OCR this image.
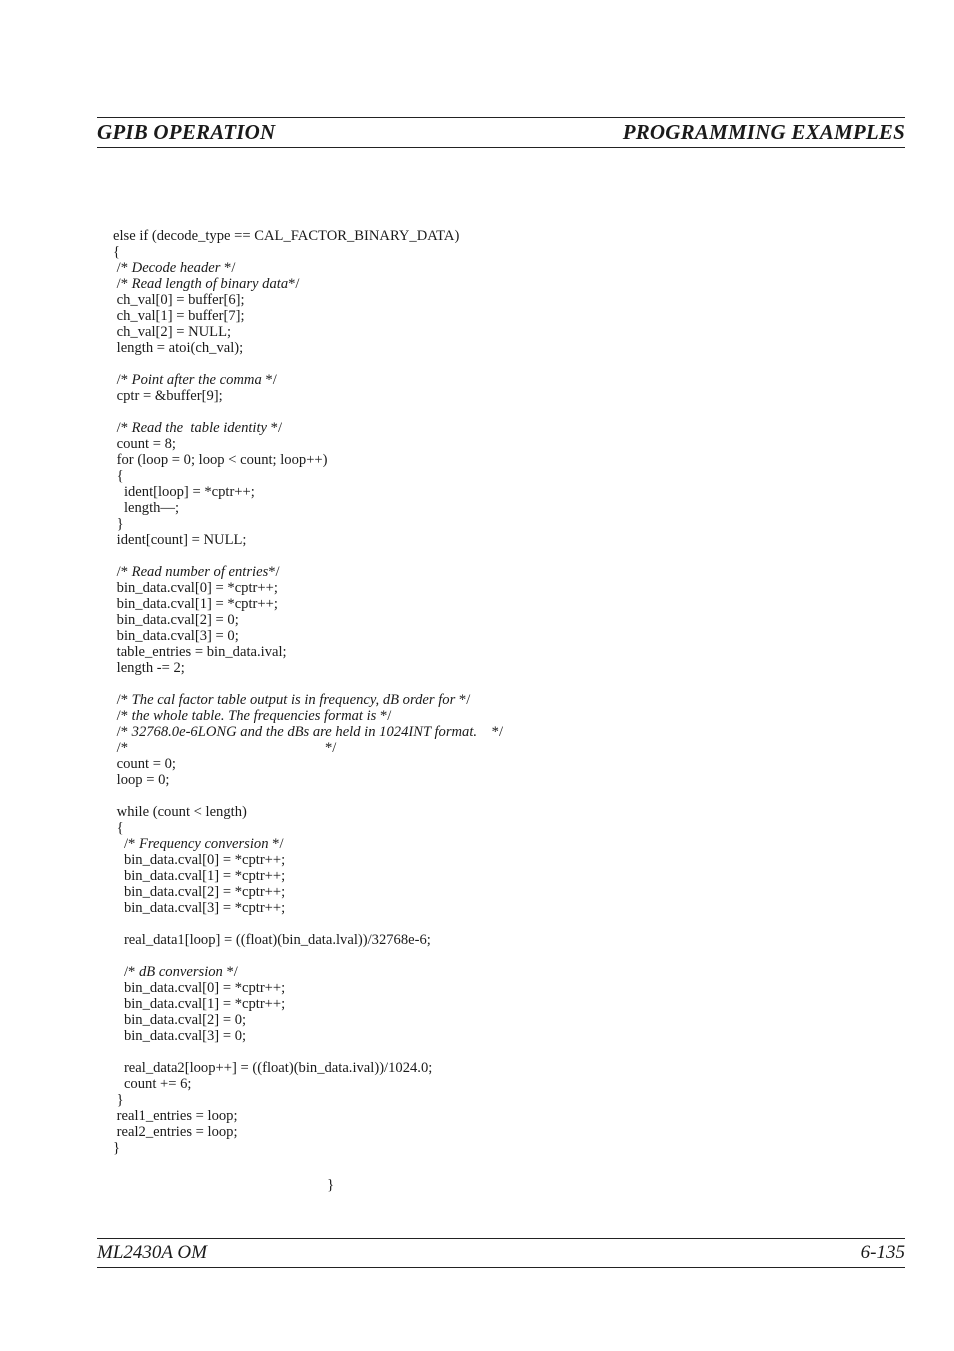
GPIB OPERATION	PROGRAMMING EXAMPLES
else if (decode_type == CAL_FACTOR_BINARY_DATA)
{
/* Decode header */
/* Read length of binary data*/
ch_val[0] = buffer[6];
ch_val[1] = buffer[7];
ch_val[2] = NULL;
length = atoi(ch_val);
/* Point after the comma */
cptr = &buffer[9];
/* Read the  table identity */
count = 8;
for (loop = 0; loop < count; loop++)
{
ident[loop] = *cptr++;
length—;
}
ident[count] = NULL;
/* Read number of entries*/
bin_data.cval[0] = *cptr++;
bin_data.cval[1] = *cptr++;
bin_data.cval[2] = 0;
bin_data.cval[3] = 0;
table_entries = bin_data.ival;
length -= 2;
/* The cal factor table output is in frequency, dB order for */
/* the whole table. The frequencies format is */
/* 32768.0e-6LONG and the dBs are held in 1024INT format.    */
/*                                                      */
count = 0;
loop = 0;
while (count < length)
{
/* Frequency conversion */
bin_data.cval[0] = *cptr++;
bin_data.cval[1] = *cptr++;
bin_data.cval[2] = *cptr++;
bin_data.cval[3] = *cptr++;
real_data1[loop] = ((float)(bin_data.lval))/32768e-6;
/* dB conversion */
bin_data.cval[0] = *cptr++;
bin_data.cval[1] = *cptr++;
bin_data.cval[2] = 0;
bin_data.cval[3] = 0;
real_data2[loop++] = ((float)(bin_data.ival))/1024.0;
count += 6;
}
real1_entries = loop;
real2_entries = loop;
}
}
ML2430A OM	6-135
